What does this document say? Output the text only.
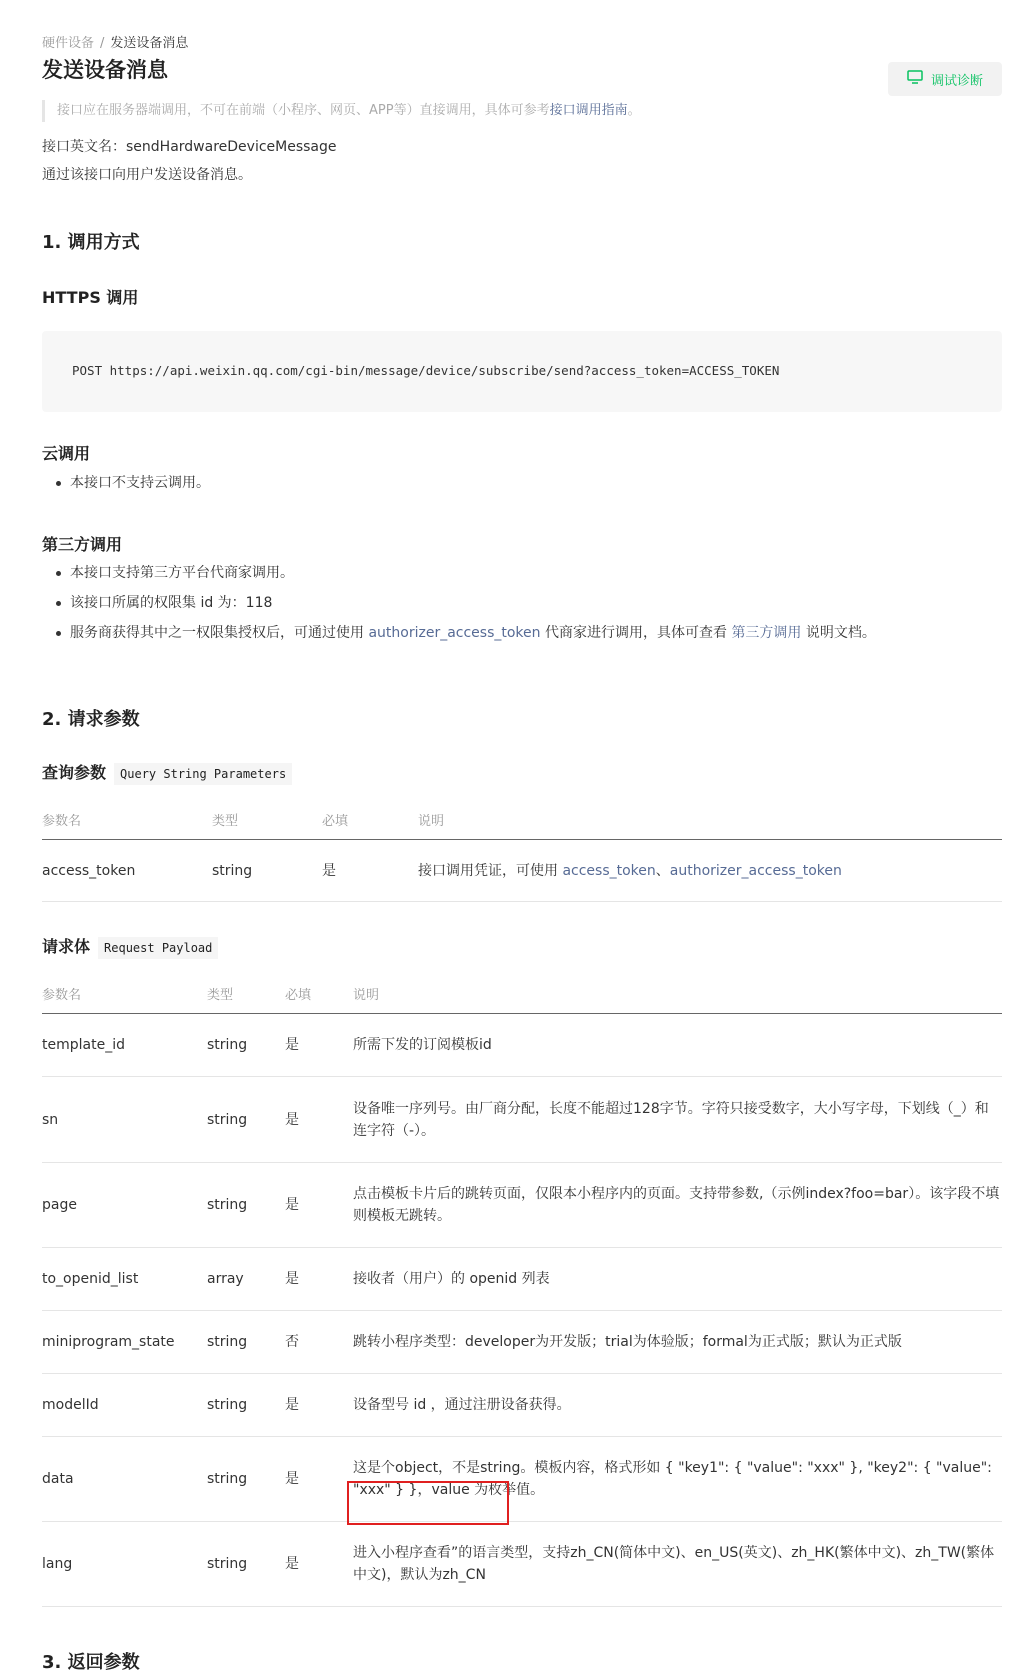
硬件设备 / 发送设备消息
发送设备消息	调试诊断
接口应在服务器端调用，不可在前端（小程序、网页、APP等）直接调用，具体可参考接口调用指南。
接口英文名：sendHardwareDeviceMessage
通过该接口向用户发送设备消息。
1. 调用方式
HTTPS 调用
POST https://api.weixin.qq.com/cgi-bin/message/device/subscribe/send?access_token=ACCESS_TOKEN
云调用
本接口不支持云调用。
第三方调用
本接口支持第三方平台代商家调用。
该接口所属的权限集 id 为：118
服务商获得其中之一权限集授权后，可通过使用 authorizer_access_token 代商家进行调用，具体可查看 第三方调用 说明文档。
2. 请求参数
查询参数 Query String Parameters
参数名	类型	必填	说明
access_token	string	是	接口调用凭证，可使用 access_token、authorizer_access_token
请求体 Request Payload
参数名	类型	必填	说明
template_id	string	是	所需下发的订阅模板id
sn	string	是	设备唯一序列号。由厂商分配，长度不能超过128字节。字符只接受数字，大小写字母，下划线（_）和连字符（-）。
page	string	是	点击模板卡片后的跳转页面，仅限本小程序内的页面。支持带参数,（示例index?foo=bar）。该字段不填则模板无跳转。
to_openid_list	array	是	接收者（用户）的 openid 列表
miniprogram_state	string	否	跳转小程序类型：developer为开发版；trial为体验版；formal为正式版；默认为正式版
modelId	string	是	设备型号 id ，通过注册设备获得。
data	string	是	这是个object，不是string。模板内容，格式形如 { "key1": { "value": "xxx" }, "key2": { "value": "xxx" } }，value 为枚举值。
lang	string	是	进入小程序查看”的语言类型，支持zh_CN(简体中文)、en_US(英文)、zh_HK(繁体中文)、zh_TW(繁体中文)，默认为zh_CN
3. 返回参数
